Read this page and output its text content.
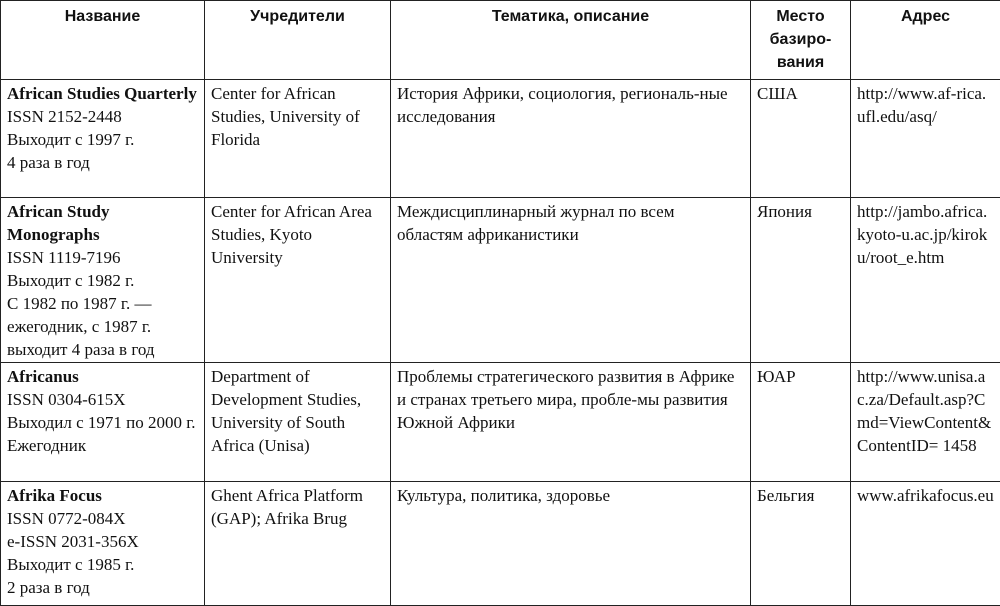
Название	Учредители	Тематика, описание	Место базиро-вания	Адрес

African Studies Quarterly
ISSN 2152-2448
Выходит с 1997 г.
4 раза в год	Center for African Studies, University of Florida	История Африки, социология, региональ-ные исследования	США	http://www.af-rica.ufl.edu/asq/

African Study Monographs
ISSN 1119-7196
Выходит с 1982 г.
С 1982 по 1987 г. — ежегодник, с 1987 г. выходит 4 раза в год	Center for African Area Studies, Kyoto University	Междисциплинарный журнал по всем областям африканистики	Япония	http://jambo.africa.kyoto-u.ac.jp/kiroku/root_e.htm

Africanus
ISSN 0304-615X
Выходил с 1971 по 2000 г.
Ежегодник	Department of Development Studies, University of South Africa (Unisa)	Проблемы стратегического развития в Африке и странах третьего мира, пробле-мы развития Южной Африки	ЮАР	http://www.unisa.ac.za/Default.asp?Cmd=ViewContent&ContentID= 1458

Afrika Focus
ISSN 0772-084X
e-ISSN 2031-356X
Выходит с 1985 г.
2 раза в год	Ghent Africa Platform (GAP); Afrika Brug	Культура, политика, здоровье	Бельгия	www.afrikafocus.eu
